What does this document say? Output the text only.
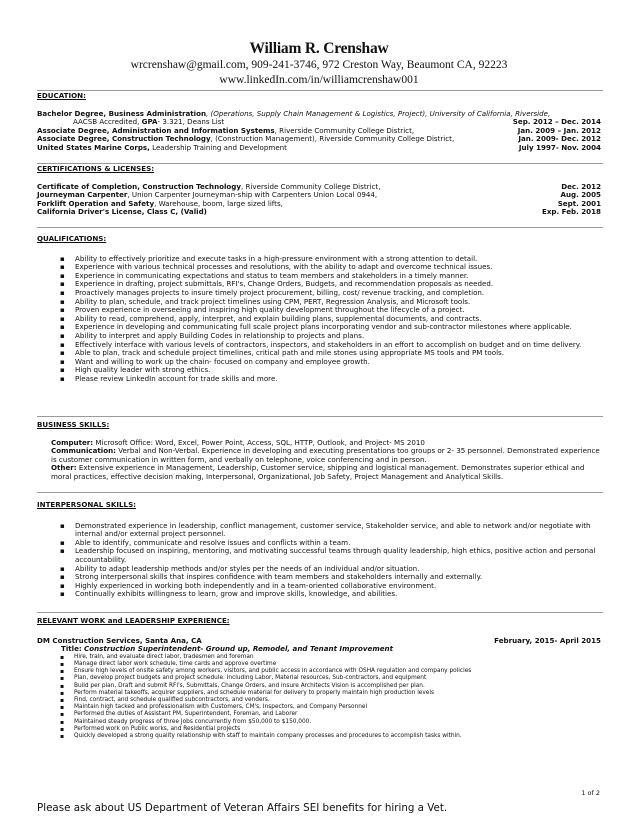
William R. Crenshaw
wrcrenshaw@gmail.com, 909-241-3746, 972 Creston Way, Beaumont CA, 92223
www.linkedIn.com/in/williamcrenshaw001
EDUCATION:
Bachelor Degree, Business Administration, (Operations, Supply Chain Management & Logistics, Project), University of California, Riverside,
AACSB Accredited, GPA- 3.321, Deans List	Sep. 2012 – Dec. 2014
Associate Degree, Administration and Information Systems, Riverside Community College District,	Jan. 2009 – Jan. 2012
Associate Degree, Construction Technology, (Construction Management), Riverside Community College District,	Jan. 2009- Dec. 2012
United States Marine Corps, Leadership Training and Development	July 1997- Nov. 2004
CERTIFICATIONS & LICENSES:
Certificate of Completion, Construction Technology, Riverside Community College District,	Dec. 2012
Journeyman Carpenter, Union Carpenter Journeyman-ship with Carpenters Union Local 0944,	Aug. 2005
Forklift Operation and Safety, Warehouse, boom, large sized lifts,	Sept. 2001
California Driver's License, Class C, (Valid)	Exp. Feb. 2018
QUALIFICATIONS:
▪ Ability to effectively prioritize and execute tasks in a high-pressure environment with a strong attention to detail.
▪ Experience with various technical processes and resolutions, with the ability to adapt and overcome technical issues.
▪ Experience in communicating expectations and status to team members and stakeholders in a timely manner.
▪ Experience in drafting, project submittals, RFI's, Change Orders, Budgets, and recommendation proposals as needed.
▪ Proactively manages projects to insure timely project procurement, billing, cost/ revenue tracking, and completion.
▪ Ability to plan, schedule, and track project timelines using CPM, PERT, Regression Analysis, and Microsoft tools.
▪ Proven experience in overseeing and inspiring high quality development throughout the lifecycle of a project.
▪ Ability to read, comprehend, apply, interpret, and explain building plans, supplemental documents, and contracts.
▪ Experience in developing and communicating full scale project plans incorporating vendor and sub-contractor milestones where applicable.
▪ Ability to interpret and apply Building Codes in relationship to projects and plans.
▪ Effectively interface with various levels of contractors, inspectors, and stakeholders in an effort to accomplish on budget and on time delivery.
▪ Able to plan, track and schedule project timelines, critical path and mile stones using appropriate MS tools and PM tools.
▪ Want and willing to work up the chain- focused on company and employee growth.
▪ High quality leader with strong ethics.
▪ Please review LinkedIn account for trade skills and more.
BUSINESS SKILLS:
Computer: Microsoft Office: Word, Excel, Power Point, Access, SQL, HTTP, Outlook, and Project- MS 2010
Communication: Verbal and Non-Verbal. Experience in developing and executing presentations too groups or 2- 35 personnel. Demonstrated experience is customer communication in written form, and verbally on telephone, voice conferencing and in person.
Other: Extensive experience in Management, Leadership, Customer service, shipping and logistical management. Demonstrates superior ethical and moral practices, effective decision making, Interpersonal, Organizational, Job Safety, Project Management and Analytical Skills.
INTERPERSONAL SKILLS:
▪ Demonstrated experience in leadership, conflict management, customer service, Stakeholder service, and able to network and/or negotiate with internal and/or external project personnel.
▪ Able to identify, communicate and resolve issues and conflicts within a team.
▪ Leadership focused on inspiring, mentoring, and motivating successful teams through quality leadership, high ethics, positive action and personal accountability.
▪ Ability to adapt leadership methods and/or styles per the needs of an individual and/or situation.
▪ Strong interpersonal skills that inspires confidence with team members and stakeholders internally and externally.
▪ Highly experienced in working both independently and in a team-oriented collaborative environment.
▪ Continually exhibits willingness to learn, grow and improve skills, knowledge, and abilities.
RELEVANT WORK and LEADERSHIP EXPERIENCE:
DM Construction Services, Santa Ana, CA	February, 2015- April 2015
Title: Construction Superintendent- Ground up, Remodel, and Tenant Improvement
▪ Hire, train, and evaluate direct labor, tradesmen and foreman
▪ Manage direct labor work schedule, time cards and approve overtime
▪ Ensure high levels of onsite safety among workers, visitors, and public access in accordance with OSHA regulation and company policies
▪ Plan, develop project budgets and project schedule. Including Labor, Material resources, Sub-contractors, and equipment
▪ Build per plan, Draft and submit RFI's, Submittals, Change Orders, and insure Architects Vision is accomplished per plan.
▪ Perform material takeoffs, acquirer suppliers, and schedule material for delivery to properly maintain high production levels
▪ Find, contract, and schedule qualified subcontractors, and venders.
▪ Maintain high tacked and professionalism with Customers, CM's, Inspectors, and Company Personnel
▪ Performed the duties of Assistant PM, Superintendent, Foreman, and Laborer
▪ Maintained steady progress of three Jobs concurrently from $50,000 to $150,000.
▪ Performed work on Public works, and Residential projects
▪ Quickly developed a strong quality relationship with staff to maintain company processes and procedures to accomplish tasks within.
1 of 2
Please ask about US Department of Veteran Affairs SEI benefits for hiring a Vet.
